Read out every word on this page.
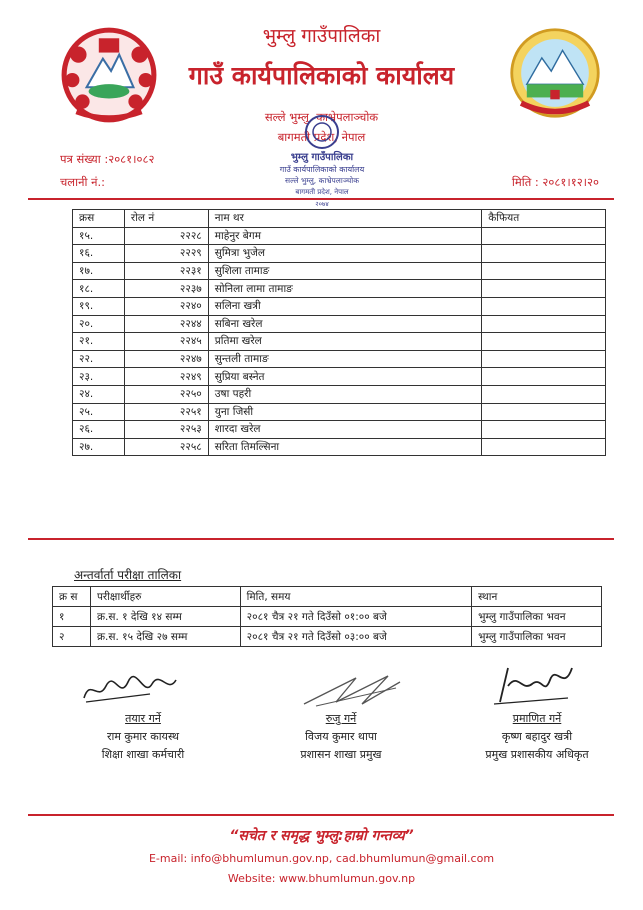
भुम्लु गाउँपालिका
गाउँ कार्यपालिकाको कार्यालय
सल्ले भुम्लु, काभ्रेपलाञ्चोक
बागमती प्रदेश, नेपाल
भुम्लु गाउँपालिका
गाउँ कार्यपालिकाको कार्यालय
सल्ले भुम्लु, काभ्रेपलाञ्चोक
बागमती प्रदेश, नेपाल
२०७४
पत्र संख्या :२०८१।०८२
चलानी नं.:	मिति : २०८१।१२।२०
क्रस	रोल नं	नाम थर	कैफियत
१५.	२२२८	माहेनुर बेगम	
१६.	२२२९	सुमित्रा भुजेल	
१७.	२२३१	सुशिला तामाङ	
१८.	२२३७	सोनिला लामा तामाङ	
१९.	२२४०	सलिना खत्री	
२०.	२२४४	सबिना खरेल	
२१.	२२४५	प्रतिमा खरेल	
२२.	२२४७	सुन्तली तामाङ	
२३.	२२४९	सुप्रिया बस्नेत	
२४.	२२५०	उषा पहरी	
२५.	२२५१	युना जिसी	
२६.	२२५३	शारदा खरेल	
२७.	२२५८	सरिता तिमल्सिना	
अन्तर्वार्ता परीक्षा तालिका
क्र स	परीक्षार्थीहरु	मिति, समय	स्थान
१	क्र.स. १ देखि १४ सम्म	२०८१ चैत्र २१ गते दिउँसो ०१:०० बजे	भुम्लु गाउँपालिका भवन
२	क्र.स. १५ देखि २७ सम्म	२०८१ चैत्र २१ गते दिउँसो ०३:०० बजे	भुम्लु गाउँपालिका भवन
तयार गर्ने
राम कुमार कायस्थ
शिक्षा शाखा कर्मचारी
रुजु गर्ने
विजय कुमार थापा
प्रशासन शाखा प्रमुख
प्रमाणित गर्ने
कृष्ण बहादुर खत्री
प्रमुख प्रशासकीय अधिकृत
“सचेत र समृद्ध भुम्लु:हाम्रो गन्तव्य”
E-mail: info@bhumlumun.gov.np, cad.bhumlumun@gmail.com
Website: www.bhumlumun.gov.np
